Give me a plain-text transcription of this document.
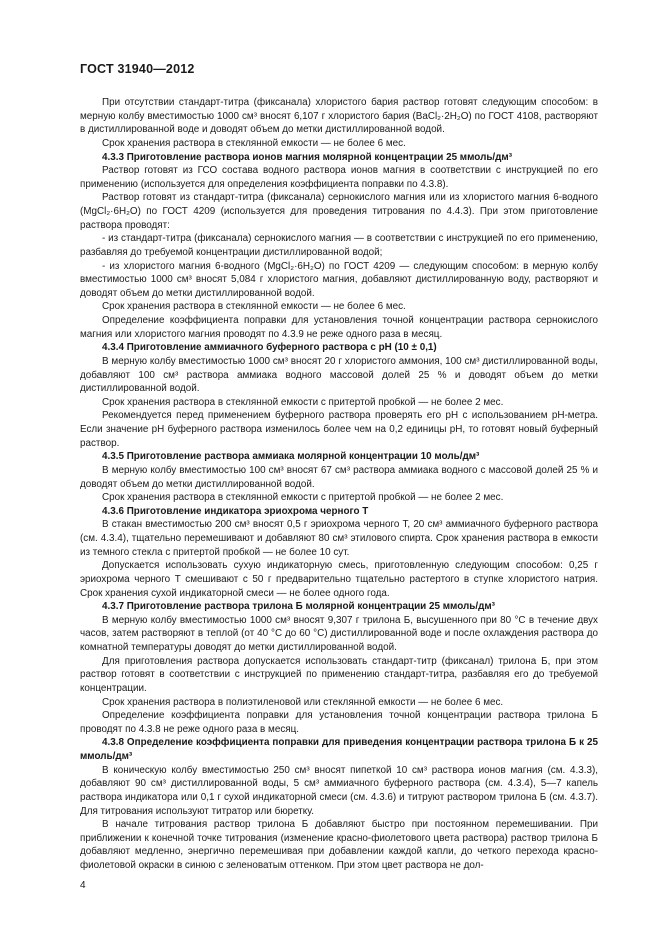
ГОСТ 31940—2012

При отсутствии стандарт-титра (фиксанала) хлористого бария раствор готовят следующим способом: в мерную колбу вместимостью 1000 см³ вносят 6,107 г хлористого бария (BaCl₂·2H₂O) по ГОСТ 4108, растворяют в дистиллированной воде и доводят объем до метки дистиллированной водой.

Срок хранения раствора в стеклянной емкости — не более 6 мес.

4.3.3 Приготовление раствора ионов магния молярной концентрации 25 ммоль/дм³

Раствор готовят из ГСО состава водного раствора ионов магния в соответствии с инструкцией по его применению (используется для определения коэффициента поправки по 4.3.8).

Раствор готовят из стандарт-титра (фиксанала) сернокислого магния или из хлористого магния 6-водного (MgCl₂·6H₂O) по ГОСТ 4209 (используется для проведения титрования по 4.4.3). При этом приготовление раствора проводят:

- из стандарт-титра (фиксанала) сернокислого магния — в соответствии с инструкцией по его применению, разбавляя до требуемой концентрации дистиллированной водой;

- из хлористого магния 6-водного (MgCl₂·6H₂O) по ГОСТ 4209 — следующим способом: в мерную колбу вместимостью 1000 см³ вносят 5,084 г хлористого магния, добавляют дистиллированную воду, растворяют и доводят объем до метки дистиллированной водой.

Срок хранения раствора в стеклянной емкости — не более 6 мес.

Определение коэффициента поправки для установления точной концентрации раствора сернокислого магния или хлористого магния проводят по 4.3.9 не реже одного раза в месяц.

4.3.4 Приготовление аммиачного буферного раствора с pH (10 ± 0,1)

В мерную колбу вместимостью 1000 см³ вносят 20 г хлористого аммония, 100 см³ дистиллированной воды, добавляют 100 см³ раствора аммиака водного массовой долей 25 % и доводят объем до метки дистиллированной водой.

Срок хранения раствора в стеклянной емкости с притертой пробкой — не более 2 мес.

Рекомендуется перед применением буферного раствора проверять его pH с использованием pH-метра. Если значение pH буферного раствора изменилось более чем на 0,2 единицы pH, то готовят новый буферный раствор.

4.3.5 Приготовление раствора аммиака молярной концентрации 10 моль/дм³

В мерную колбу вместимостью 100 см³ вносят 67 см³ раствора аммиака водного с массовой долей 25 % и доводят объем до метки дистиллированной водой.

Срок хранения раствора в стеклянной емкости с притертой пробкой — не более 2 мес.

4.3.6 Приготовление индикатора эриохрома черного Т

В стакан вместимостью 200 см³ вносят 0,5 г эриохрома черного Т, 20 см³ аммиачного буферного раствора (см. 4.3.4), тщательно перемешивают и добавляют 80 см³ этилового спирта. Срок хранения раствора в емкости из темного стекла с притертой пробкой — не более 10 сут.

Допускается использовать сухую индикаторную смесь, приготовленную следующим способом: 0,25 г эриохрома черного Т смешивают с 50 г предварительно тщательно растертого в ступке хлористого натрия. Срок хранения сухой индикаторной смеси — не более одного года.

4.3.7 Приготовление раствора трилона Б молярной концентрации 25 ммоль/дм³

В мерную колбу вместимостью 1000 см³ вносят 9,307 г трилона Б, высушенного при 80 °С в течение двух часов, затем растворяют в теплой (от 40 °С до 60 °С) дистиллированной воде и после охлаждения раствора до комнатной температуры доводят до метки дистиллированной водой.

Для приготовления раствора допускается использовать стандарт-титр (фиксанал) трилона Б, при этом раствор готовят в соответствии с инструкцией по применению стандарт-титра, разбавляя его до требуемой концентрации.

Срок хранения раствора в полиэтиленовой или стеклянной емкости — не более 6 мес.

Определение коэффициента поправки для установления точной концентрации раствора трилона Б проводят по 4.3.8 не реже одного раза в месяц.

4.3.8 Определение коэффициента поправки для приведения концентрации раствора трилона Б к 25 ммоль/дм³

В коническую колбу вместимостью 250 см³ вносят пипеткой 10 см³ раствора ионов магния (см. 4.3.3), добавляют 90 см³ дистиллированной воды, 5 см³ аммиачного буферного раствора (см. 4.3.4), 5—7 капель раствора индикатора или 0,1 г сухой индикаторной смеси (см. 4.3.6) и титруют раствором трилона Б (см. 4.3.7). Для титрования используют титратор или бюретку.

В начале титрования раствор трилона Б добавляют быстро при постоянном перемешивании. При приближении к конечной точке титрования (изменение красно-фиолетового цвета раствора) раствор трилона Б добавляют медленно, энергично перемешивая при добавлении каждой капли, до четкого перехода красно-фиолетовой окраски в синюю с зеленоватым оттенком. При этом цвет раствора не дол-

4
